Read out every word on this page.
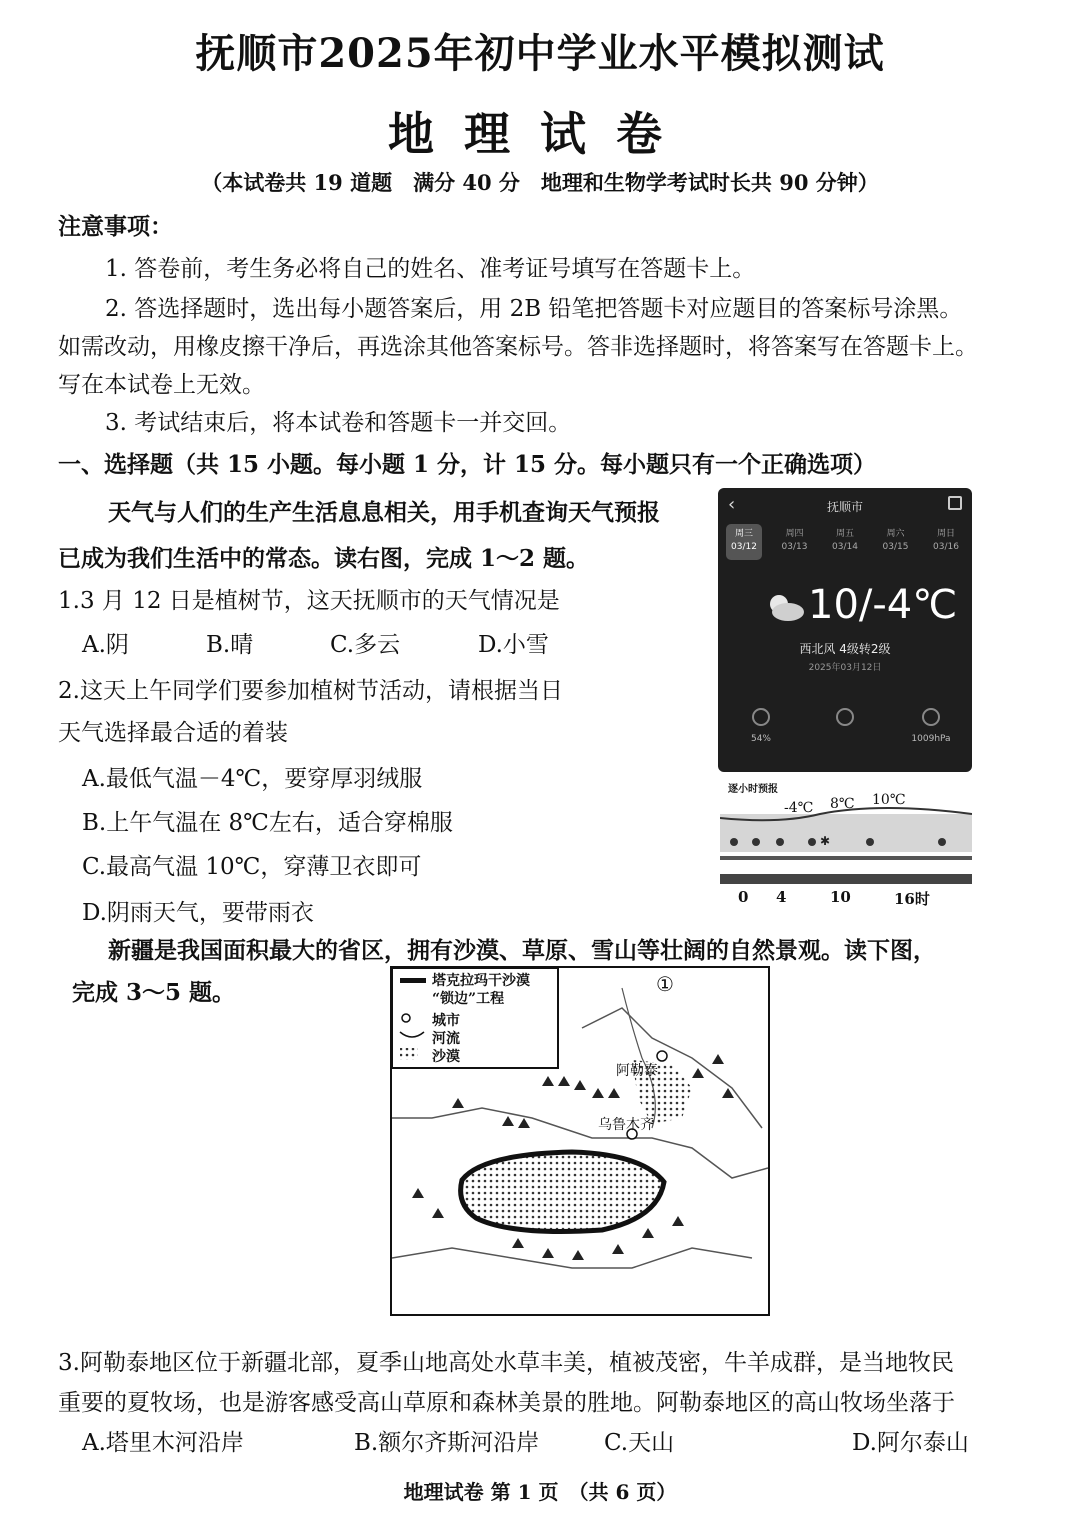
抚顺市2025年初中学业水平模拟测试
地理试卷
（本试卷共 19 道题　满分 40 分　地理和生物学考试时长共 90 分钟）
注意事项：
1. 答卷前，考生务必将自己的姓名、准考证号填写在答题卡上。
2. 答选择题时，选出每小题答案后，用 2B 铅笔把答题卡对应题目的答案标号涂黑。
如需改动，用橡皮擦干净后，再选涂其他答案标号。答非选择题时，将答案写在答题卡上。
写在本试卷上无效。
3. 考试结束后，将本试卷和答题卡一并交回。
一、选择题（共 15 小题。每小题 1 分，计 15 分。每小题只有一个正确选项）
天气与人们的生产生活息息相关，用手机查询天气预报
已成为我们生活中的常态。读右图，完成 1～2 题。
1.3 月 12 日是植树节，这天抚顺市的天气情况是
A.阴	B.晴	C.多云	D.小雪
2.这天上午同学们要参加植树节活动，请根据当日
天气选择最合适的着装
A.最低气温－4℃，要穿厚羽绒服
B.上午气温在 8℃左右，适合穿棉服
C.最高气温 10℃，穿薄卫衣即可
D.阴雨天气，要带雨衣
‹	抚顺市
周三
03/12
周四
03/13
周五
03/14
周六
03/15
周日
03/16
10/-4℃
西北风 4级转2级
2025年03月12日
54%	1009hPa
✱
逐小时预报
-4℃ 8℃ 10℃
0 4	10	16时
新疆是我国面积最大的省区，拥有沙漠、草原、雪山等壮阔的自然景观。读下图，
完成 3～5 题。	塔克拉玛干沙漠
“锁边”工程
城市
河流
沙漠
①
阿勒泰
乌鲁木齐
3.阿勒泰地区位于新疆北部，夏季山地高处水草丰美，植被茂密，牛羊成群，是当地牧民
重要的夏牧场，也是游客感受高山草原和森林美景的胜地。阿勒泰地区的高山牧场坐落于
A.塔里木河沿岸	B.额尔齐斯河沿岸	C.天山	D.阿尔泰山
地理试卷 第 1 页　（共 6 页）
